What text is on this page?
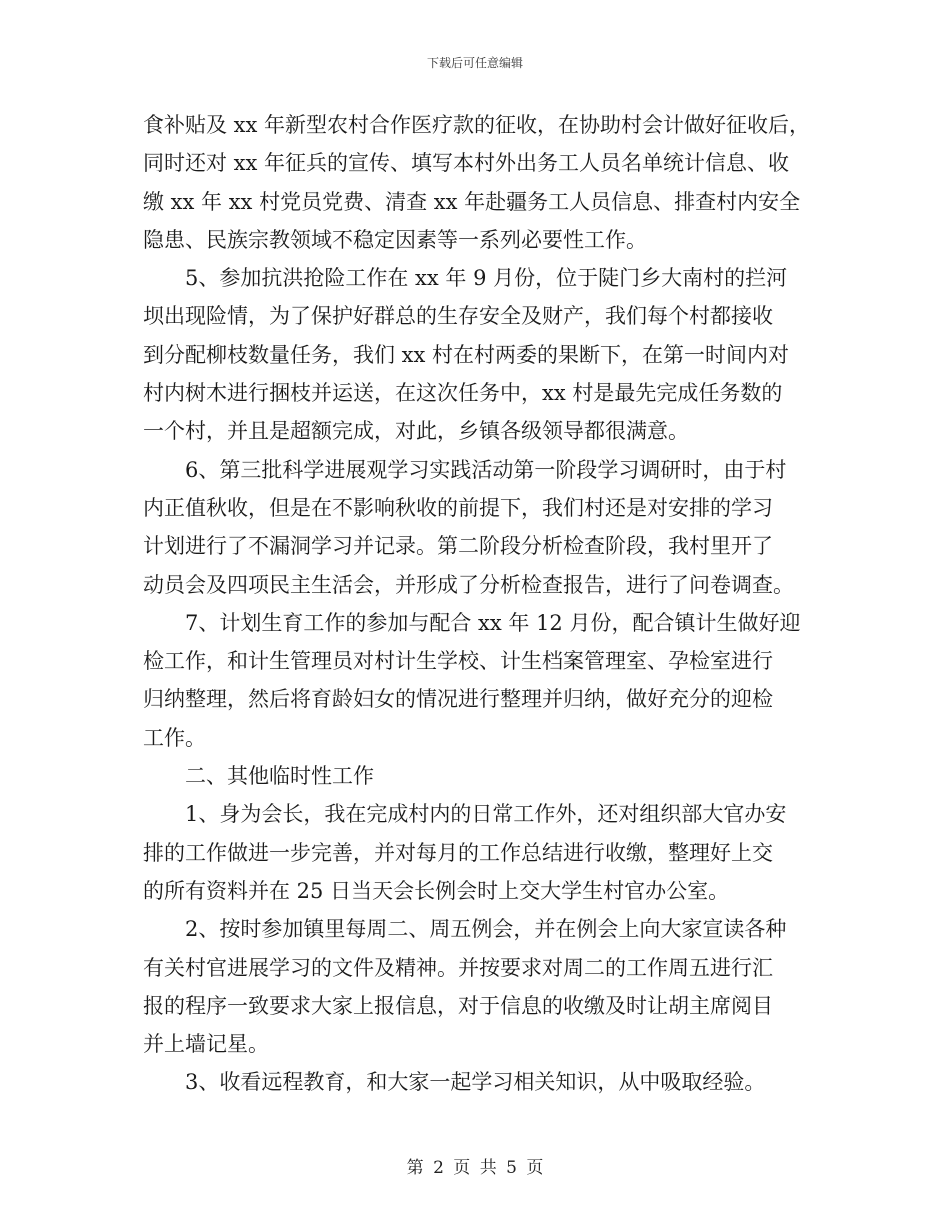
下载后可任意编辑
食补贴及 xx 年新型农村合作医疗款的征收，在协助村会计做好征收后，
同时还对 xx 年征兵的宣传、填写本村外出务工人员名单统计信息、收
缴 xx 年 xx 村党员党费、清查 xx 年赴疆务工人员信息、排查村内安全
隐患、民族宗教领域不稳定因素等一系列必要性工作。
5、参加抗洪抢险工作在 xx 年 9 月份，位于陡门乡大南村的拦河
坝出现险情，为了保护好群总的生存安全及财产，我们每个村都接收
到分配柳枝数量任务，我们 xx 村在村两委的果断下，在第一时间内对
村内树木进行捆枝并运送，在这次任务中，xx 村是最先完成任务数的
一个村，并且是超额完成，对此，乡镇各级领导都很满意。
6、第三批科学进展观学习实践活动第一阶段学习调研时，由于村
内正值秋收，但是在不影响秋收的前提下，我们村还是对安排的学习
计划进行了不漏洞学习并记录。第二阶段分析检查阶段，我村里开了
动员会及四项民主生活会，并形成了分析检查报告，进行了问卷调查。
7、计划生育工作的参加与配合 xx 年 12 月份，配合镇计生做好迎
检工作，和计生管理员对村计生学校、计生档案管理室、孕检室进行
归纳整理，然后将育龄妇女的情况进行整理并归纳，做好充分的迎检
工作。
二、其他临时性工作
1、身为会长，我在完成村内的日常工作外，还对组织部大官办安
排的工作做进一步完善，并对每月的工作总结进行收缴，整理好上交
的所有资料并在 25 日当天会长例会时上交大学生村官办公室。
2、按时参加镇里每周二、周五例会，并在例会上向大家宣读各种
有关村官进展学习的文件及精神。并按要求对周二的工作周五进行汇
报的程序一致要求大家上报信息，对于信息的收缴及时让胡主席阅目
并上墙记星。
3、收看远程教育，和大家一起学习相关知识，从中吸取经验。
第 2 页 共 5 页
